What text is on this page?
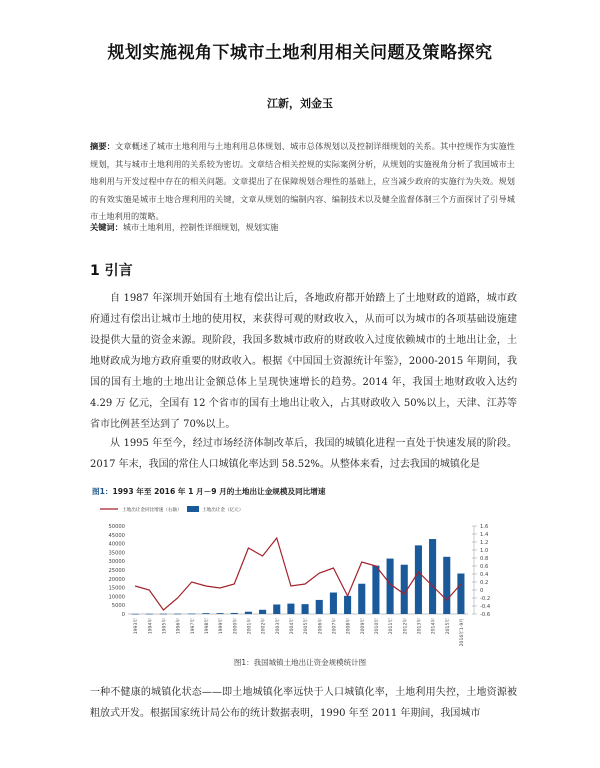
规划实施视角下城市土地利用相关问题及策略探究
江新，刘金玉
摘要：文章概述了城市土地利用与土地利用总体规划、城市总体规划以及控制详细规划的关系。其中控规作为实施性规划，其与城市土地利用的关系较为密切。文章结合相关控规的实际案例分析，从规划的实施视角分析了我国城市土地利用与开发过程中存在的相关问题。文章提出了在保障规划合理性的基础上，应当减少政府的实施行为失效。规划的有效实施是城市土地合理利用的关键，文章从规划的编制内容、编制技术以及健全监督体制三个方面探讨了引导城市土地利用的策略。
关键词：城市土地利用，控制性详细规划，规划实施
1 引言

自 1987 年深圳开始国有土地有偿出让后，各地政府都开始踏上了土地财政的道路，城市政府通过有偿出让城市土地的使用权，来获得可观的财政收入，从而可以为城市的各项基础设施建设提供大量的资金来源。现阶段，我国多数城市政府的财政收入过度依赖城市的土地出让金，土地财政成为地方政府重要的财政收入。根据《中国国土资源统计年鉴》，2000-2015 年期间，我国的国有土地的土地出让金额总体上呈现快速增长的趋势。2014 年，我国土地财政收入达约 4.29 万 亿元，全国有 12 个省市的国有土地出让收入，占其财政收入 50%以上，天津、江苏等省市比例甚至达到了 70%以上。

从 1995 年至今，经过市场经济体制改革后，我国的城镇化进程一直处于快速发展的阶段。2017 年末，我国的常住人口城镇化率达到 58.52%。从整体来看，过去我国的城镇化是

图1：1993 年至 2016 年 1 月－9 月的土地出让金规模及同比增速
土地出让金同比增速（右轴）	土地出让金（亿元）
0
5000
10000
15000
20000
25000
30000
35000
40000
45000
50000	1.6
1.4
1.2
1.0
0.8
0.6
0.4
0.2
0
-0.2
-0.4
-0.6
1993年	1994年	1995年	1996年	1997年	1998年	1999年	2000年	2001年	2002年	2003年	2004年	2005年	2006年	2007年	2008年	2009年	2010年	2011年	2012年	2013年	2014年	2015年	2016年1-9月
图1：我国城镇土地出让资金规模统计图

一种不健康的城镇化状态——即土地城镇化率远快于人口城镇化率，土地利用失控，土地资源被粗放式开发。根据国家统计局公布的统计数据表明，1990 年至 2011 年期间，我国城市
